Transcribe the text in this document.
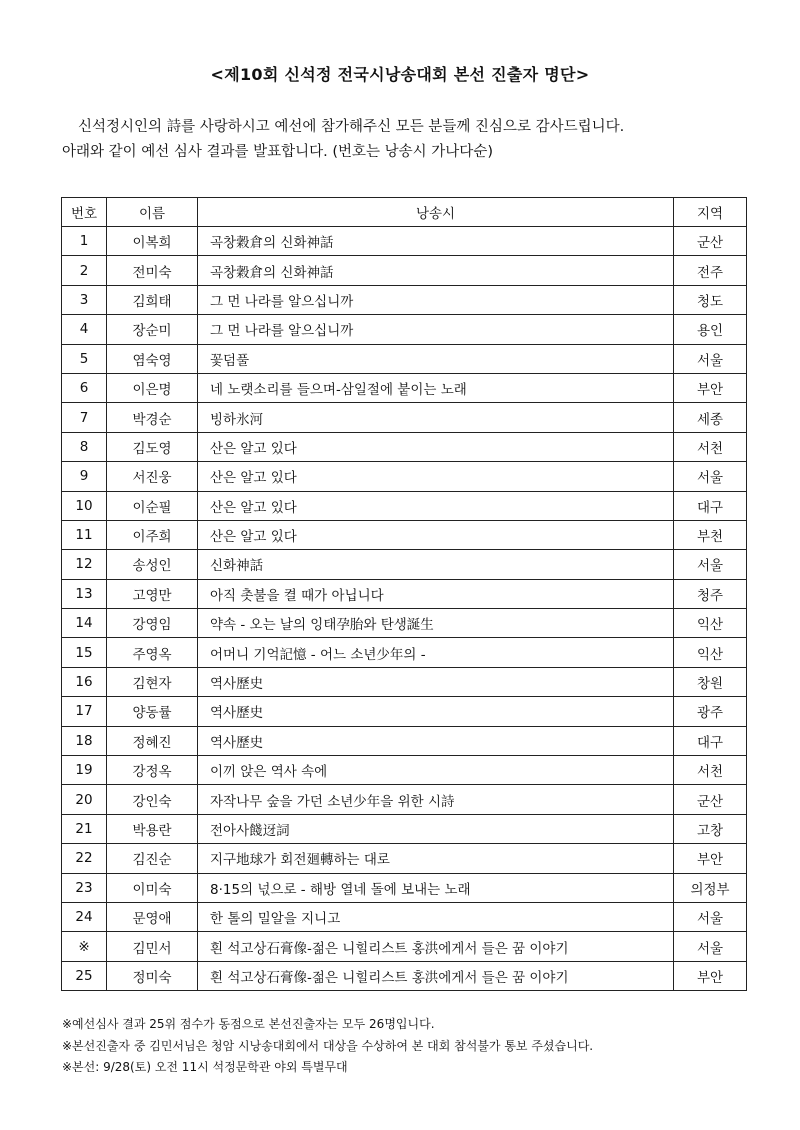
<제10회 신석정 전국시낭송대회 본선 진출자 명단>
신석정시인의 詩를 사랑하시고 예선에 참가해주신 모든 분들께 진심으로 감사드립니다.
아래와 같이 예선 심사 결과를 발표합니다. (번호는 낭송시 가나다순)
번호	이름	낭송시	지역
1	이복희	곡창穀倉의 신화神話	군산
2	전미숙	곡창穀倉의 신화神話	전주
3	김희태	그 먼 나라를 알으십니까	청도
4	장순미	그 먼 나라를 알으십니까	용인
5	염숙영	꽃덤풀	서울
6	이은명	네 노랫소리를 들으며-삼일절에 붙이는 노래	부안
7	박경순	빙하氷河	세종
8	김도영	산은 알고 있다	서천
9	서진웅	산은 알고 있다	서울
10	이순필	산은 알고 있다	대구
11	이주희	산은 알고 있다	부천
12	송성인	신화神話	서울
13	고영만	아직 촛불을 켤 때가 아닙니다	청주
14	강영임	약속 - 오는 날의 잉태孕胎와 탄생誕生	익산
15	주영옥	어머니 기억記憶 - 어느 소년少年의 -	익산
16	김현자	역사歷史	창원
17	양동률	역사歷史	광주
18	정혜진	역사歷史	대구
19	강정옥	이끼 앉은 역사 속에	서천
20	강인숙	자작나무 숲을 가던 소년少年을 위한 시詩	군산
21	박용란	전아사餞迓詞	고창
22	김진순	지구地球가 회전廻轉하는 대로	부안
23	이미숙	8·15의 넋으로 - 해방 열네 돌에 보내는 노래	의정부
24	문영애	한 톨의 밀알을 지니고	서울
※	김민서	흰 석고상石膏像-젊은 니힐리스트 홍洪에게서 들은 꿈 이야기	서울
25	정미숙	흰 석고상石膏像-젊은 니힐리스트 홍洪에게서 들은 꿈 이야기	부안
※예선심사 결과 25위 점수가 동점으로 본선진출자는 모두 26명입니다.
※본선진출자 중 김민서님은 청암 시낭송대회에서 대상을 수상하여 본 대회 참석불가 통보 주셨습니다.
※본선: 9/28(토) 오전 11시 석정문학관 야외 특별무대
